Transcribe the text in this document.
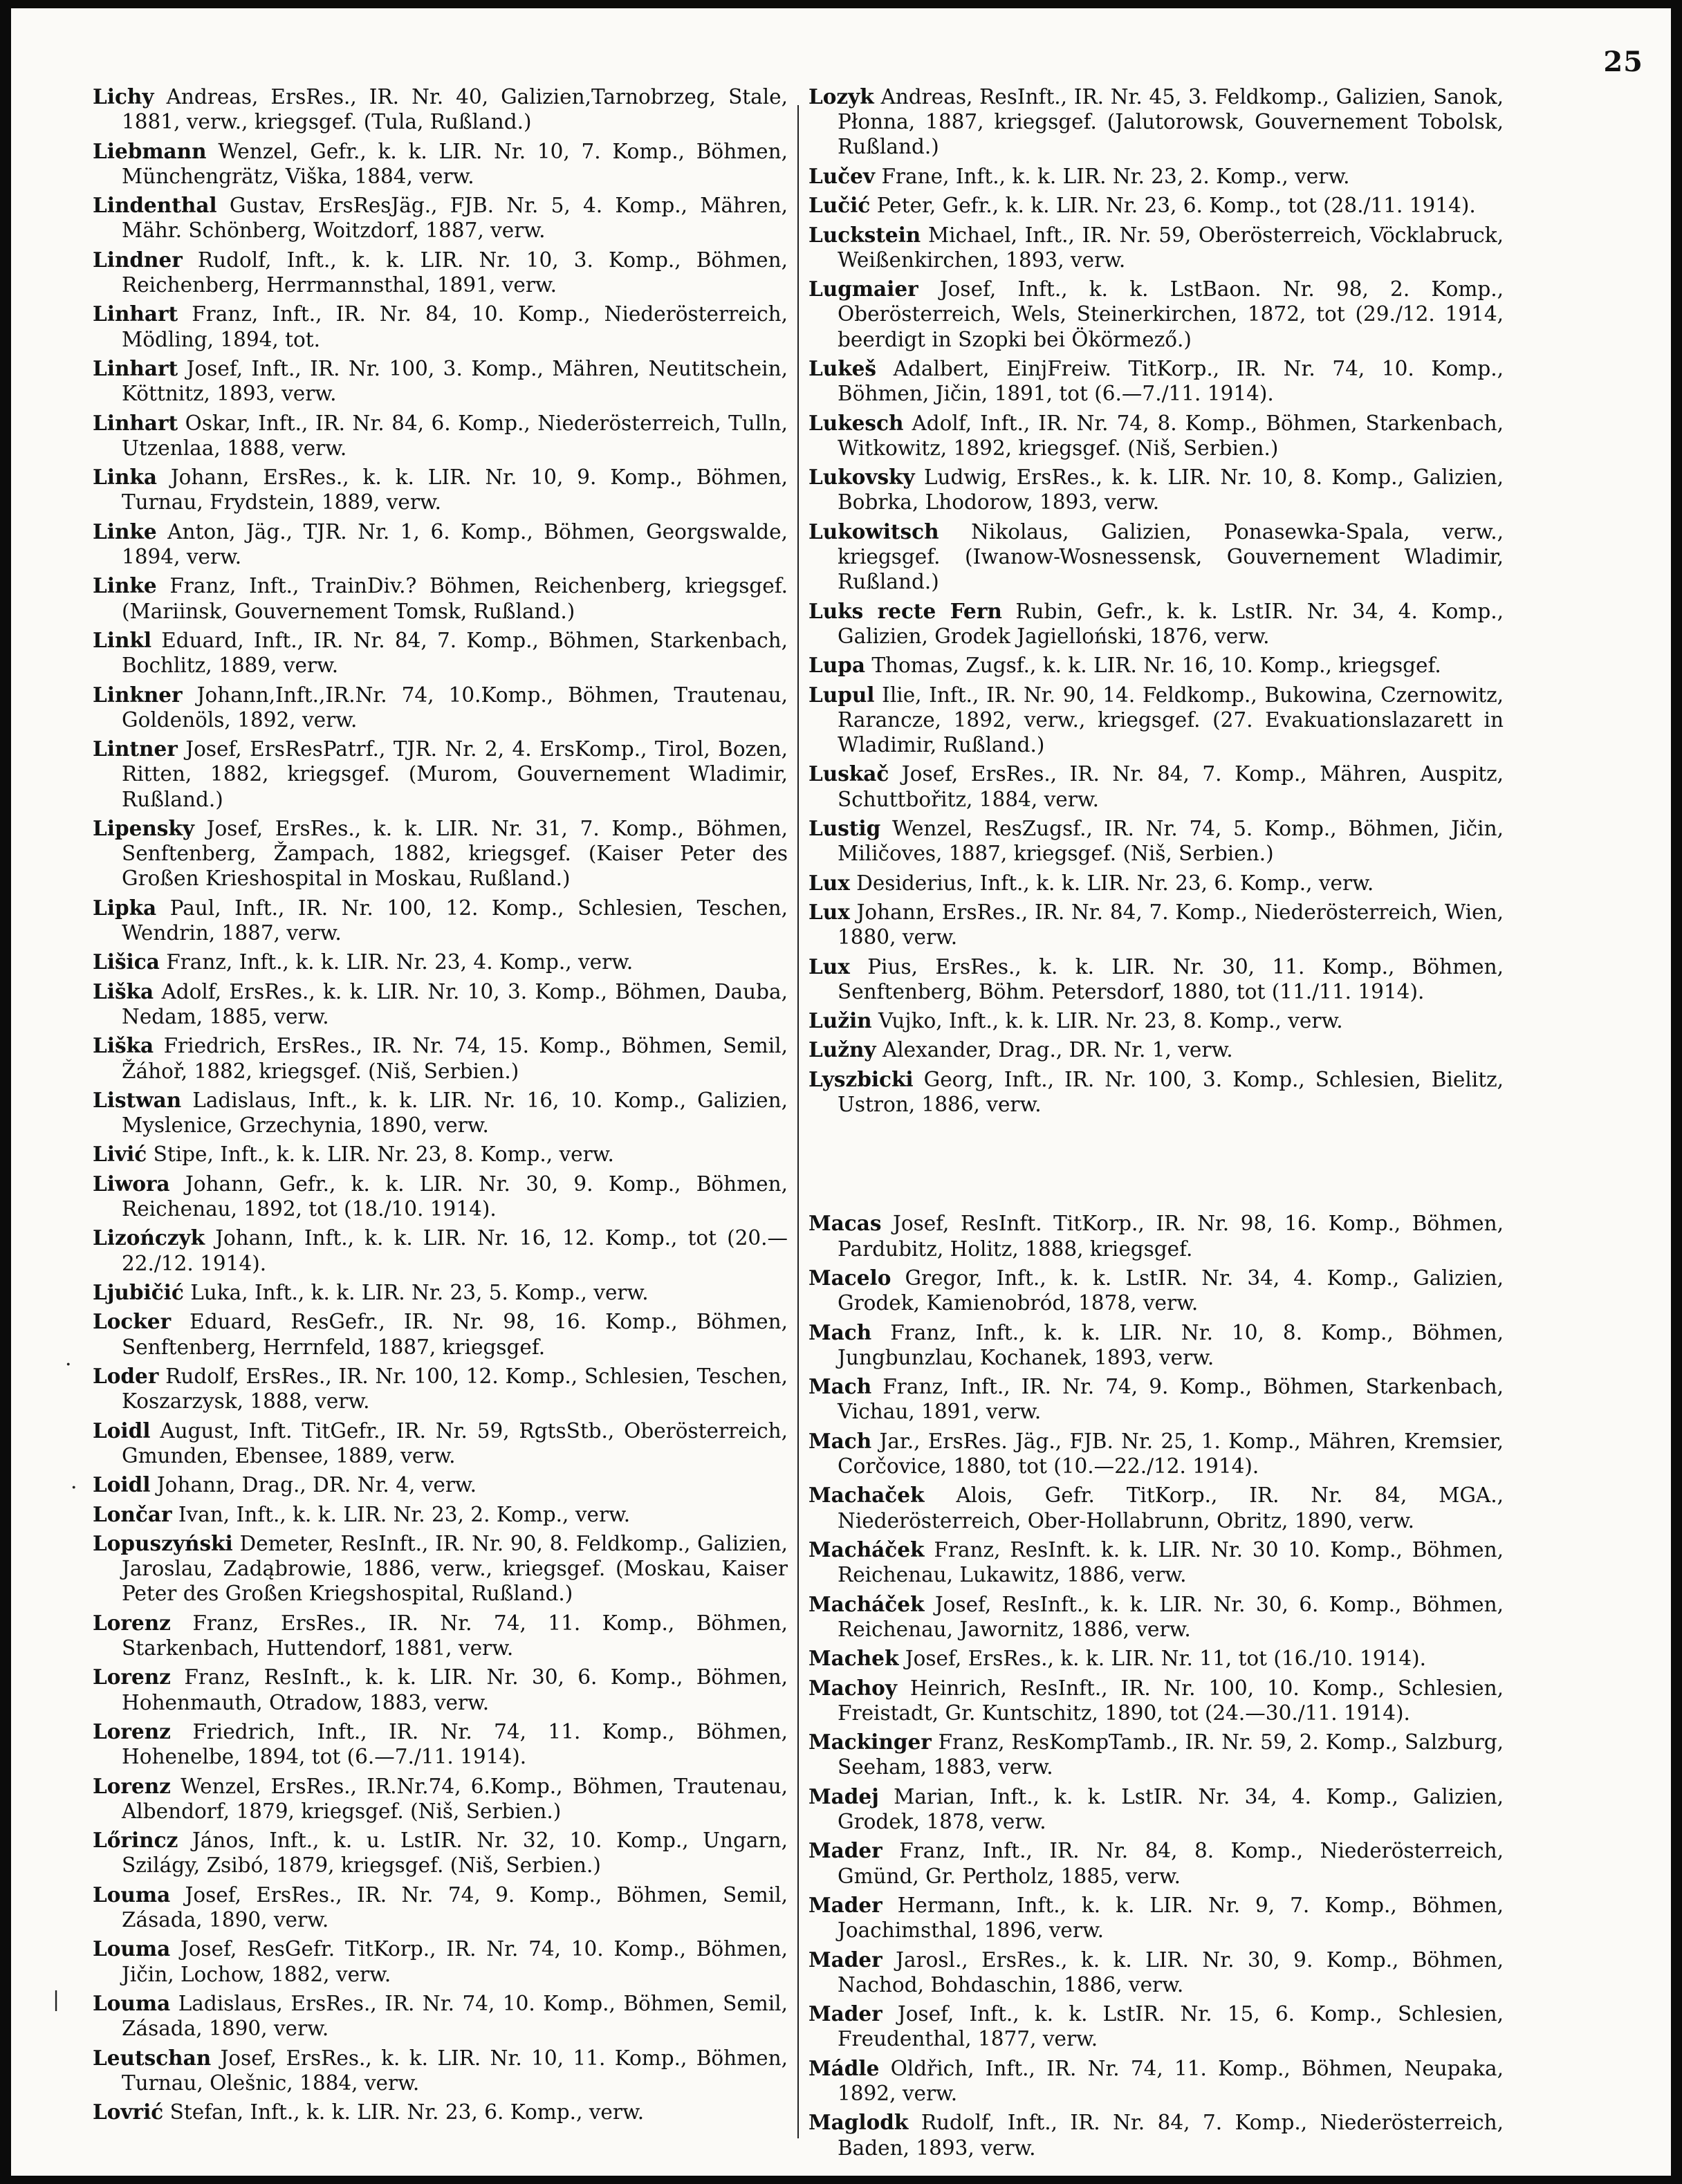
25
·
·
|

Lichy Andreas, ErsRes., IR. Nr. 40, Galizien,Tarnobrzeg, Stale, 1881, verw., kriegsgef. (Tula, Rußland.)

Liebmann Wenzel, Gefr., k. k. LIR. Nr. 10, 7. Komp., Böhmen, Münchengrätz, Viška, 1884, verw.

Lindenthal Gustav, ErsResJäg., FJB. Nr. 5, 4. Komp., Mähren, Mähr. Schönberg, Woitzdorf, 1887, verw.

Lindner Rudolf, Inft., k. k. LIR. Nr. 10, 3. Komp., Böhmen, Reichenberg, Herrmannsthal, 1891, verw.

Linhart Franz, Inft., IR. Nr. 84, 10. Komp., Niederösterreich, Mödling, 1894, tot.

Linhart Josef, Inft., IR. Nr. 100, 3. Komp., Mähren, Neutitschein, Köttnitz, 1893, verw.

Linhart Oskar, Inft., IR. Nr. 84, 6. Komp., Niederösterreich, Tulln, Utzenlaa, 1888, verw.

Linka Johann, ErsRes., k. k. LIR. Nr. 10, 9. Komp., Böhmen, Turnau, Frydstein, 1889, verw.

Linke Anton, Jäg., TJR. Nr. 1, 6. Komp., Böhmen, Georgswalde, 1894, verw.

Linke Franz, Inft., TrainDiv.? Böhmen, Reichenberg, kriegsgef. (Mariinsk, Gouvernement Tomsk, Rußland.)

Linkl Eduard, Inft., IR. Nr. 84, 7. Komp., Böhmen, Starkenbach, Bochlitz, 1889, verw.

Linkner Johann,Inft.,IR.Nr. 74, 10.Komp., Böhmen, Trautenau, Goldenöls, 1892, verw.

Lintner Josef, ErsResPatrf., TJR. Nr. 2, 4. ErsKomp., Tirol, Bozen, Ritten, 1882, kriegsgef. (Murom, Gouvernement Wladimir, Rußland.)

Lipensky Josef, ErsRes., k. k. LIR. Nr. 31, 7. Komp., Böhmen, Senftenberg, Žampach, 1882, kriegsgef. (Kaiser Peter des Großen Krieshospital in Moskau, Rußland.)

Lipka Paul, Inft., IR. Nr. 100, 12. Komp., Schlesien, Teschen, Wendrin, 1887, verw.

Lišica Franz, Inft., k. k. LIR. Nr. 23, 4. Komp., verw.

Liška Adolf, ErsRes., k. k. LIR. Nr. 10, 3. Komp., Böhmen, Dauba, Nedam, 1885, verw.

Liška Friedrich, ErsRes., IR. Nr. 74, 15. Komp., Böhmen, Semil, Žáhoř, 1882, kriegsgef. (Niš, Serbien.)

Listwan Ladislaus, Inft., k. k. LIR. Nr. 16, 10. Komp., Galizien, Myslenice, Grzechynia, 1890, verw.

Livić Stipe, Inft., k. k. LIR. Nr. 23, 8. Komp., verw.

Liwora Johann, Gefr., k. k. LIR. Nr. 30, 9. Komp., Böhmen, Reichenau, 1892, tot (18./10. 1914).

Lizończyk Johann, Inft., k. k. LIR. Nr. 16, 12. Komp., tot (20.—22./12. 1914).

Ljubičić Luka, Inft., k. k. LIR. Nr. 23, 5. Komp., verw.

Locker Eduard, ResGefr., IR. Nr. 98, 16. Komp., Böhmen, Senftenberg, Herrnfeld, 1887, kriegsgef.

Loder Rudolf, ErsRes., IR. Nr. 100, 12. Komp., Schlesien, Teschen, Koszarzysk, 1888, verw.

Loidl August, Inft. TitGefr., IR. Nr. 59, RgtsStb., Oberösterreich, Gmunden, Ebensee, 1889, verw.

Loidl Johann, Drag., DR. Nr. 4, verw.

Lončar Ivan, Inft., k. k. LIR. Nr. 23, 2. Komp., verw.

Lopuszyński Demeter, ResInft., IR. Nr. 90, 8. Feldkomp., Galizien, Jaroslau, Zadąbrowie, 1886, verw., kriegsgef. (Moskau, Kaiser Peter des Großen Kriegshospital, Rußland.)

Lorenz Franz, ErsRes., IR. Nr. 74, 11. Komp., Böhmen, Starkenbach, Huttendorf, 1881, verw.

Lorenz Franz, ResInft., k. k. LIR. Nr. 30, 6. Komp., Böhmen, Hohenmauth, Otradow, 1883, verw.

Lorenz Friedrich, Inft., IR. Nr. 74, 11. Komp., Böhmen, Hohenelbe, 1894, tot (6.—7./11. 1914).

Lorenz Wenzel, ErsRes., IR.Nr.74, 6.Komp., Böhmen, Trautenau, Albendorf, 1879, kriegsgef. (Niš, Serbien.)

Lőrincz János, Inft., k. u. LstIR. Nr. 32, 10. Komp., Ungarn, Szilágy, Zsibó, 1879, kriegsgef. (Niš, Serbien.)

Louma Josef, ErsRes., IR. Nr. 74, 9. Komp., Böhmen, Semil, Zásada, 1890, verw.

Louma Josef, ResGefr. TitKorp., IR. Nr. 74, 10. Komp., Böhmen, Jičin, Lochow, 1882, verw.

Louma Ladislaus, ErsRes., IR. Nr. 74, 10. Komp., Böhmen, Semil, Zásada, 1890, verw.

Leutschan Josef, ErsRes., k. k. LIR. Nr. 10, 11. Komp., Böhmen, Turnau, Olešnic, 1884, verw.

Lovrić Stefan, Inft., k. k. LIR. Nr. 23, 6. Komp., verw.

Lozyk Andreas, ResInft., IR. Nr. 45, 3. Feldkomp., Galizien, Sanok, Płonna, 1887, kriegsgef. (Jalutorowsk, Gouvernement Tobolsk, Rußland.)

Lučev Frane, Inft., k. k. LIR. Nr. 23, 2. Komp., verw.

Lučić Peter, Gefr., k. k. LIR. Nr. 23, 6. Komp., tot (28./11. 1914).

Luckstein Michael, Inft., IR. Nr. 59, Oberösterreich, Vöcklabruck, Weißenkirchen, 1893, verw.

Lugmaier Josef, Inft., k. k. LstBaon. Nr. 98, 2. Komp., Oberösterreich, Wels, Steinerkirchen, 1872, tot (29./12. 1914, beerdigt in Szopki bei Ökörmező.)

Lukeš Adalbert, EinjFreiw. TitKorp., IR. Nr. 74, 10. Komp., Böhmen, Jičin, 1891, tot (6.—7./11. 1914).

Lukesch Adolf, Inft., IR. Nr. 74, 8. Komp., Böhmen, Starkenbach, Witkowitz, 1892, kriegsgef. (Niš, Serbien.)

Lukovsky Ludwig, ErsRes., k. k. LIR. Nr. 10, 8. Komp., Galizien, Bobrka, Lhodorow, 1893, verw.

Lukowitsch Nikolaus, Galizien, Ponasewka-Spala, verw., kriegsgef. (Iwanow-Wosnessensk, Gouvernement Wladimir, Rußland.)

Luks recte Fern Rubin, Gefr., k. k. LstIR. Nr. 34, 4. Komp., Galizien, Grodek Jagielloński, 1876, verw.

Lupa Thomas, Zugsf., k. k. LIR. Nr. 16, 10. Komp., kriegsgef.

Lupul Ilie, Inft., IR. Nr. 90, 14. Feldkomp., Bukowina, Czernowitz, Rarancze, 1892, verw., kriegsgef. (27. Evakuationslazarett in Wladimir, Rußland.)

Luskač Josef, ErsRes., IR. Nr. 84, 7. Komp., Mähren, Auspitz, Schuttbořitz, 1884, verw.

Lustig Wenzel, ResZugsf., IR. Nr. 74, 5. Komp., Böhmen, Jičin, Miličoves, 1887, kriegsgef. (Niš, Serbien.)

Lux Desiderius, Inft., k. k. LIR. Nr. 23, 6. Komp., verw.

Lux Johann, ErsRes., IR. Nr. 84, 7. Komp., Niederösterreich, Wien, 1880, verw.

Lux Pius, ErsRes., k. k. LIR. Nr. 30, 11. Komp., Böhmen, Senftenberg, Böhm. Petersdorf, 1880, tot (11./11. 1914).

Lužin Vujko, Inft., k. k. LIR. Nr. 23, 8. Komp., verw.

Lužny Alexander, Drag., DR. Nr. 1, verw.

Lyszbicki Georg, Inft., IR. Nr. 100, 3. Komp., Schlesien, Bielitz, Ustron, 1886, verw.

Macas Josef, ResInft. TitKorp., IR. Nr. 98, 16. Komp., Böhmen, Pardubitz, Holitz, 1888, kriegsgef.

Macelo Gregor, Inft., k. k. LstIR. Nr. 34, 4. Komp., Galizien, Grodek, Kamienobród, 1878, verw.

Mach Franz, Inft., k. k. LIR. Nr. 10, 8. Komp., Böhmen, Jungbunzlau, Kochanek, 1893, verw.

Mach Franz, Inft., IR. Nr. 74, 9. Komp., Böhmen, Starkenbach, Vichau, 1891, verw.

Mach Jar., ErsRes. Jäg., FJB. Nr. 25, 1. Komp., Mähren, Kremsier, Corčovice, 1880, tot (10.—22./12. 1914).

Machaček Alois, Gefr. TitKorp., IR. Nr. 84, MGA., Niederösterreich, Ober-Hollabrunn, Obritz, 1890, verw.

Macháček Franz, ResInft. k. k. LIR. Nr. 30 10. Komp., Böhmen, Reichenau, Lukawitz, 1886, verw.

Macháček Josef, ResInft., k. k. LIR. Nr. 30, 6. Komp., Böhmen, Reichenau, Jawornitz, 1886, verw.

Machek Josef, ErsRes., k. k. LIR. Nr. 11, tot (16./10. 1914).

Machoy Heinrich, ResInft., IR. Nr. 100, 10. Komp., Schlesien, Freistadt, Gr. Kuntschitz, 1890, tot (24.—30./11. 1914).

Mackinger Franz, ResKompTamb., IR. Nr. 59, 2. Komp., Salzburg, Seeham, 1883, verw.

Madej Marian, Inft., k. k. LstIR. Nr. 34, 4. Komp., Galizien, Grodek, 1878, verw.

Mader Franz, Inft., IR. Nr. 84, 8. Komp., Niederösterreich, Gmünd, Gr. Pertholz, 1885, verw.

Mader Hermann, Inft., k. k. LIR. Nr. 9, 7. Komp., Böhmen, Joachimsthal, 1896, verw.

Mader Jarosl., ErsRes., k. k. LIR. Nr. 30, 9. Komp., Böhmen, Nachod, Bohdaschin, 1886, verw.

Mader Josef, Inft., k. k. LstIR. Nr. 15, 6. Komp., Schlesien, Freudenthal, 1877, verw.

Mádle Oldřich, Inft., IR. Nr. 74, 11. Komp., Böhmen, Neupaka, 1892, verw.

Maglodk Rudolf, Inft., IR. Nr. 84, 7. Komp., Niederösterreich, Baden, 1893, verw.
